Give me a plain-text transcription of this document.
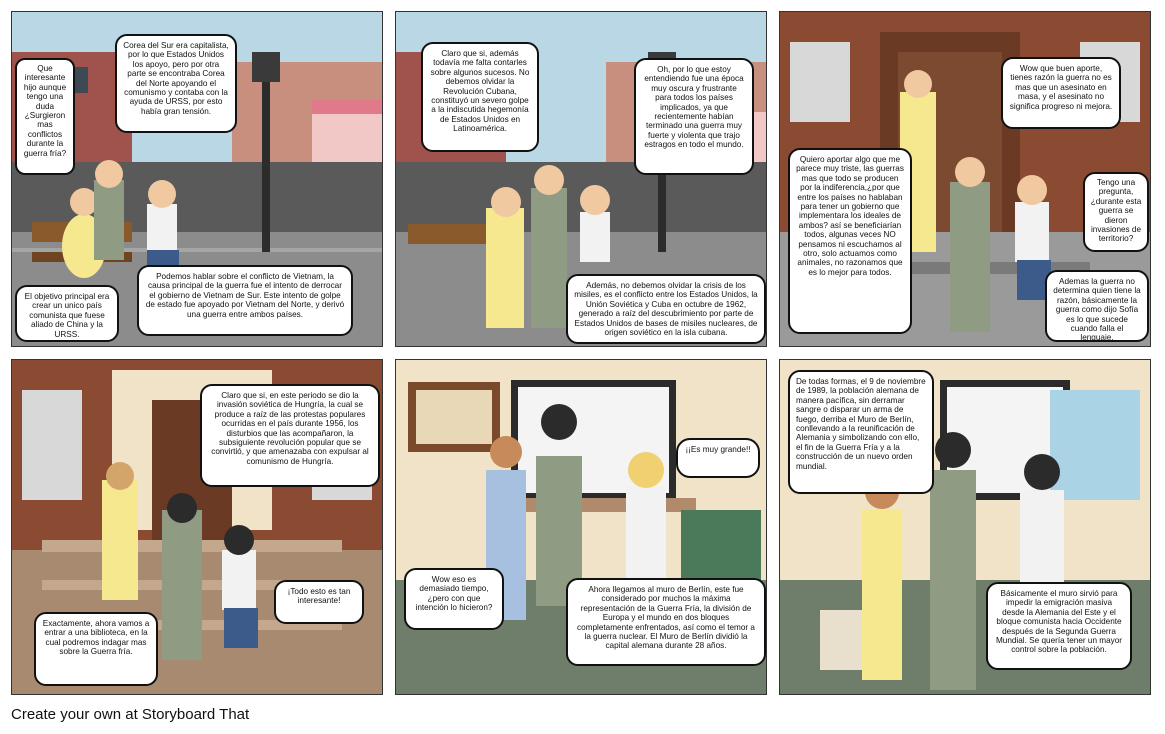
Que interesante hijo aunque tengo una duda ¿Surgieron mas conflictos durante la guerra fría?
Corea del Sur era capitalista, por lo que Estados Unidos los apoyo, pero por otra parte se encontraba Corea del Norte apoyando el comunismo y contaba con la ayuda de URSS, por esto había gran tensión.
El objetivo principal era crear un unico país comunista que fuese aliado de China y la URSS.
Podemos hablar sobre el conflicto de Vietnam, la causa principal de la guerra fue el intento de derrocar el gobierno de Vietnam de Sur. Este intento de golpe de estado fue apoyado por Vietnam del Norte, y derivó una guerra entre ambos países.
Claro que si, además todavía me falta contarles sobre algunos sucesos. No debemos olvidar la Revolución Cubana, constituyó un severo golpe a la indiscutida hegemonía de Estados Unidos en Latinoamérica.
Oh, por lo que estoy entendiendo fue una época muy oscura y frustrante para todos los países implicados, ya que recientemente habían terminado una guerra muy fuerte y violenta que trajo estragos en todo el mundo.
Además, no debemos olvidar la crisis de los misiles, es el conflicto entre los Estados Unidos, la Unión Soviética y Cuba en octubre de 1962, generado a raíz del descubrimiento por parte de Estados Unidos de bases de misiles nucleares, de origen soviético en la isla cubana.
Wow que buen aporte, tienes razón la guerra no es mas que un asesinato en masa, y el asesinato no significa progreso ni mejora.
Quiero aportar algo que me parece muy triste, las guerras mas que todo se producen por la indiferencia,¿por que entre los países no hablaban para tener un gobierno que implementara los ideales de ambos? así se beneficiarían todos, algunas veces NO pensamos ni escuchamos al otro, solo actuamos como animales, no razonamos que es lo mejor para todos.
Tengo una pregunta, ¿durante esta guerra se dieron invasiones de territorio?
Ademas la guerra no determina quien tiene la razón, básicamente la guerra como dijo Sofía es lo que sucede cuando falla el lenguaje.
Claro que si, en este periodo se dio la invasión soviética de Hungría, la cual se produce a raíz de las protestas populares ocurridas en el país durante 1956, los disturbios que las acompañaron, la subsiguiente revolución popular que se convirtió, y que amenazaba con expulsar al comunismo de Hungría.
¡Todo esto es tan interesante!
Exactamente, ahora vamos a entrar a una biblioteca, en la cual podremos indagar mas sobre la Guerra fría.
¡¡Es muy grande!!
Wow eso es demasiado tiempo, ¿pero con que intención lo hicieron?
Ahora llegamos al muro de Berlín, este fue considerado por muchos la máxima representación de la Guerra Fría, la división de Europa y el mundo en dos bloques completamente enfrentados, así como el temor a la guerra nuclear. El Muro de Berlín dividió la capital alemana durante 28 años.
De todas formas, el 9 de noviembre de 1989, la población alemana de manera pacífica, sin derramar sangre o disparar un arma de fuego, derriba el Muro de Berlín, conllevando a la reunificación de Alemania y simbolizando con ello, el fin de la Guerra Fría y a la construcción de un nuevo orden mundial.
Básicamente el muro sirvió para impedir la emigración masiva desde la Alemania del Este y el bloque comunista hacia Occidente después de la Segunda Guerra Mundial. Se quería tener un mayor control sobre la población.
Create your own at Storyboard That
